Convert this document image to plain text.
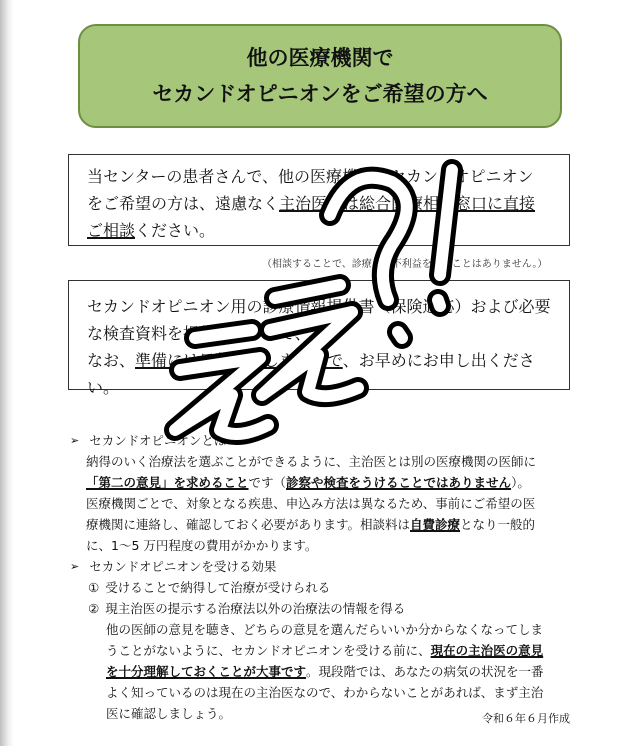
他の医療機関で
セカンドオピニオンをご希望の方へ

当センターの患者さんで、他の医療機関でセカンドオピニオン

をご希望の方は、遠慮なく主治医又は総合医療相談窓口に直接

ご相談ください。

（相談することで、診療上で不利益を被ることはありません。）

セカンドオピニオン用の診療情報提供書（保険適応）および必要

な検査資料を提供しますので、

なお、準備には日数を要しますので、お早めにお申し出ください。

➢ セカンドオピニオンとは
納得のいく治療法を選ぶことができるように、主治医とは別の医療機関の医師に
「第二の意見」を求めることです（診察や検査をうけることではありません）。
医療機関ごとで、対象となる疾患、申込み方法は異なるため、事前にご希望の医
療機関に連絡し、確認しておく必要があります。相談料は自費診療となり一般的
に、1〜5 万円程度の費用がかかります。
➢ セカンドオピニオンを受ける効果
① 受けることで納得して治療が受けられる
② 現主治医の提示する治療法以外の治療法の情報を得る
他の医師の意見を聴き、どちらの意見を選んだらいいか分からなくなってしま
うことがないように、セカンドオピニオンを受ける前に、現在の主治医の意見
を十分理解しておくことが大事です。現段階では、あなたの病気の状況を一番
よく知っているのは現在の主治医なので、わからないことがあれば、まず主治
医に確認しましょう。	令和６年６月作成
